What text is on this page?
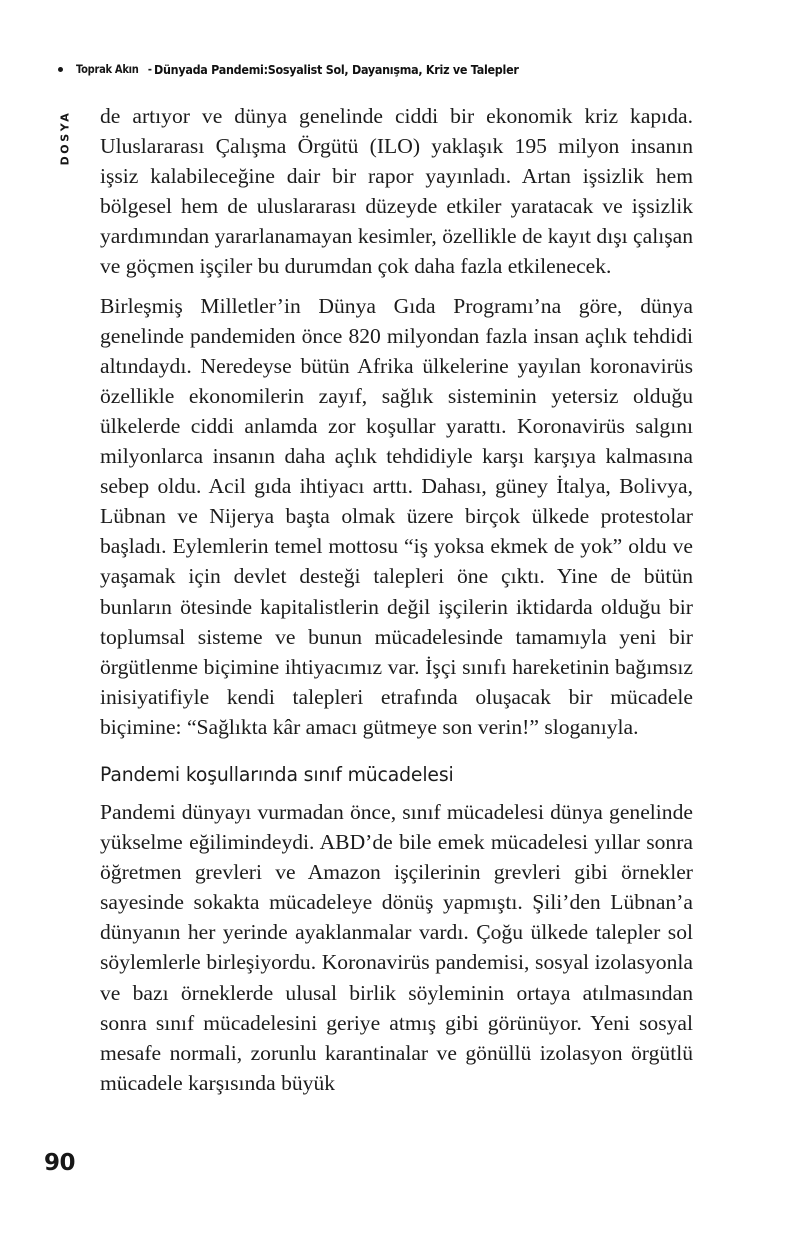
Toprak Akın - Dünyada Pandemi:Sosyalist Sol, Dayanışma, Kriz ve Talepler
DOSYA de artıyor ve dünya genelinde ciddi bir ekonomik kriz kapıda. Uluslararası Çalışma Örgütü (ILO) yaklaşık 195 milyon insanın işsiz kalabileceğine dair bir rapor yayınladı. Artan işsizlik hem bölgesel hem de uluslararası düzeyde etkiler yaratacak ve işsizlik yardımından yararlanamayan kesimler, özellikle de kayıt dışı çalışan ve göçmen işçiler bu durumdan çok daha fazla etkilenecek.

Birleşmiş Milletler’in Dünya Gıda Programı’na göre, dünya genelinde pandemiden önce 820 milyondan fazla insan açlık tehdidi altındaydı. Neredeyse bütün Afrika ülkelerine yayılan koronavirüs özellikle ekonomilerin zayıf, sağlık sisteminin yetersiz olduğu ülkelerde ciddi anlamda zor koşullar yarattı. Koronavirüs salgını milyonlarca insanın daha açlık tehdidiyle karşı karşıya kalmasına sebep oldu. Acil gıda ihtiyacı arttı. Dahası, güney İtalya, Bolivya, Lübnan ve Nijerya başta olmak üzere birçok ülkede protestolar başladı. Eylemlerin temel mottosu “iş yoksa ekmek de yok” oldu ve yaşamak için devlet desteği talepleri öne çıktı. Yine de bütün bunların ötesinde kapitalistlerin değil işçilerin iktidarda olduğu bir toplumsal sisteme ve bunun mücadelesinde tamamıyla yeni bir örgütlenme biçimine ihtiyacımız var. İşçi sınıfı hareketinin bağımsız inisiyatifiyle kendi talepleri etrafında oluşacak bir mücadele biçimine: “Sağlıkta kâr amacı gütmeye son verin!” sloganıyla.

Pandemi koşullarında sınıf mücadelesi

Pandemi dünyayı vurmadan önce, sınıf mücadelesi dünya genelinde yükselme eğilimindeydi. ABD’de bile emek mücadelesi yıllar sonra öğretmen grevleri ve Amazon işçilerinin grevleri gibi örnekler sayesinde sokakta mücadeleye dönüş yapmıştı. Şili’den Lübnan’a dünyanın her yerinde ayaklanmalar vardı. Çoğu ülkede talepler sol söylemlerle birleşiyordu. Koronavirüs pandemisi, sosyal izolasyonla ve bazı örneklerde ulusal birlik söyleminin ortaya atılmasından sonra sınıf mücadelesini geriye atmış gibi görünüyor. Yeni sosyal mesafe normali, zorunlu karantinalar ve gönüllü izolasyon örgütlü mücadele karşısında büyük

90
